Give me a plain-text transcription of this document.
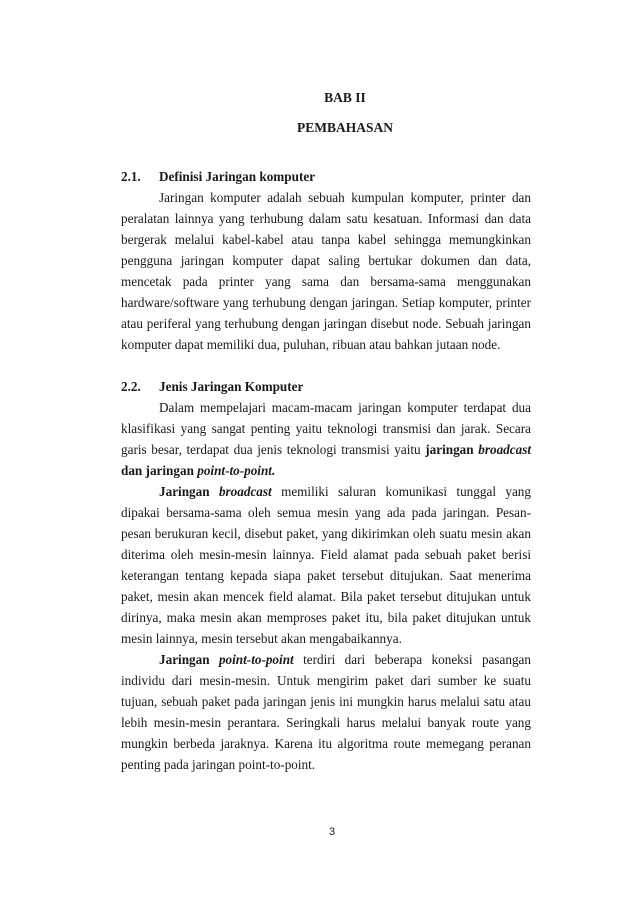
BAB II
PEMBAHASAN
2.1.	Definisi Jaringan komputer

Jaringan komputer adalah sebuah kumpulan komputer, printer dan peralatan lainnya yang terhubung dalam satu kesatuan. Informasi dan data bergerak melalui kabel-kabel atau tanpa kabel sehingga memungkinkan pengguna jaringan komputer dapat saling bertukar dokumen dan data, mencetak pada printer yang sama dan bersama-sama menggunakan hardware/software yang terhubung dengan jaringan. Setiap komputer, printer atau periferal yang terhubung dengan jaringan disebut node. Sebuah jaringan komputer dapat memiliki dua, puluhan, ribuan atau bahkan jutaan node.

2.2.	Jenis Jaringan Komputer

Dalam mempelajari macam-macam jaringan komputer terdapat dua klasifikasi yang sangat penting yaitu teknologi transmisi dan jarak. Secara garis besar, terdapat dua jenis teknologi transmisi yaitu jaringan broadcast dan jaringan point-to-point.

Jaringan broadcast memiliki saluran komunikasi tunggal yang dipakai bersama-sama oleh semua mesin yang ada pada jaringan. Pesan-pesan berukuran kecil, disebut paket, yang dikirimkan oleh suatu mesin akan diterima oleh mesin-mesin lainnya. Field alamat pada sebuah paket berisi keterangan tentang kepada siapa paket tersebut ditujukan. Saat menerima paket, mesin akan mencek field alamat. Bila paket tersebut ditujukan untuk dirinya, maka mesin akan memproses paket itu, bila paket ditujukan untuk mesin lainnya, mesin tersebut akan mengabaikannya.

Jaringan point-to-point terdiri dari beberapa koneksi pasangan individu dari mesin-mesin. Untuk mengirim paket dari sumber ke suatu tujuan, sebuah paket pada jaringan jenis ini mungkin harus melalui satu atau lebih mesin-mesin perantara. Seringkali harus melalui banyak route yang mungkin berbeda jaraknya. Karena itu algoritma route memegang peranan penting pada jaringan point-to-point.

3
